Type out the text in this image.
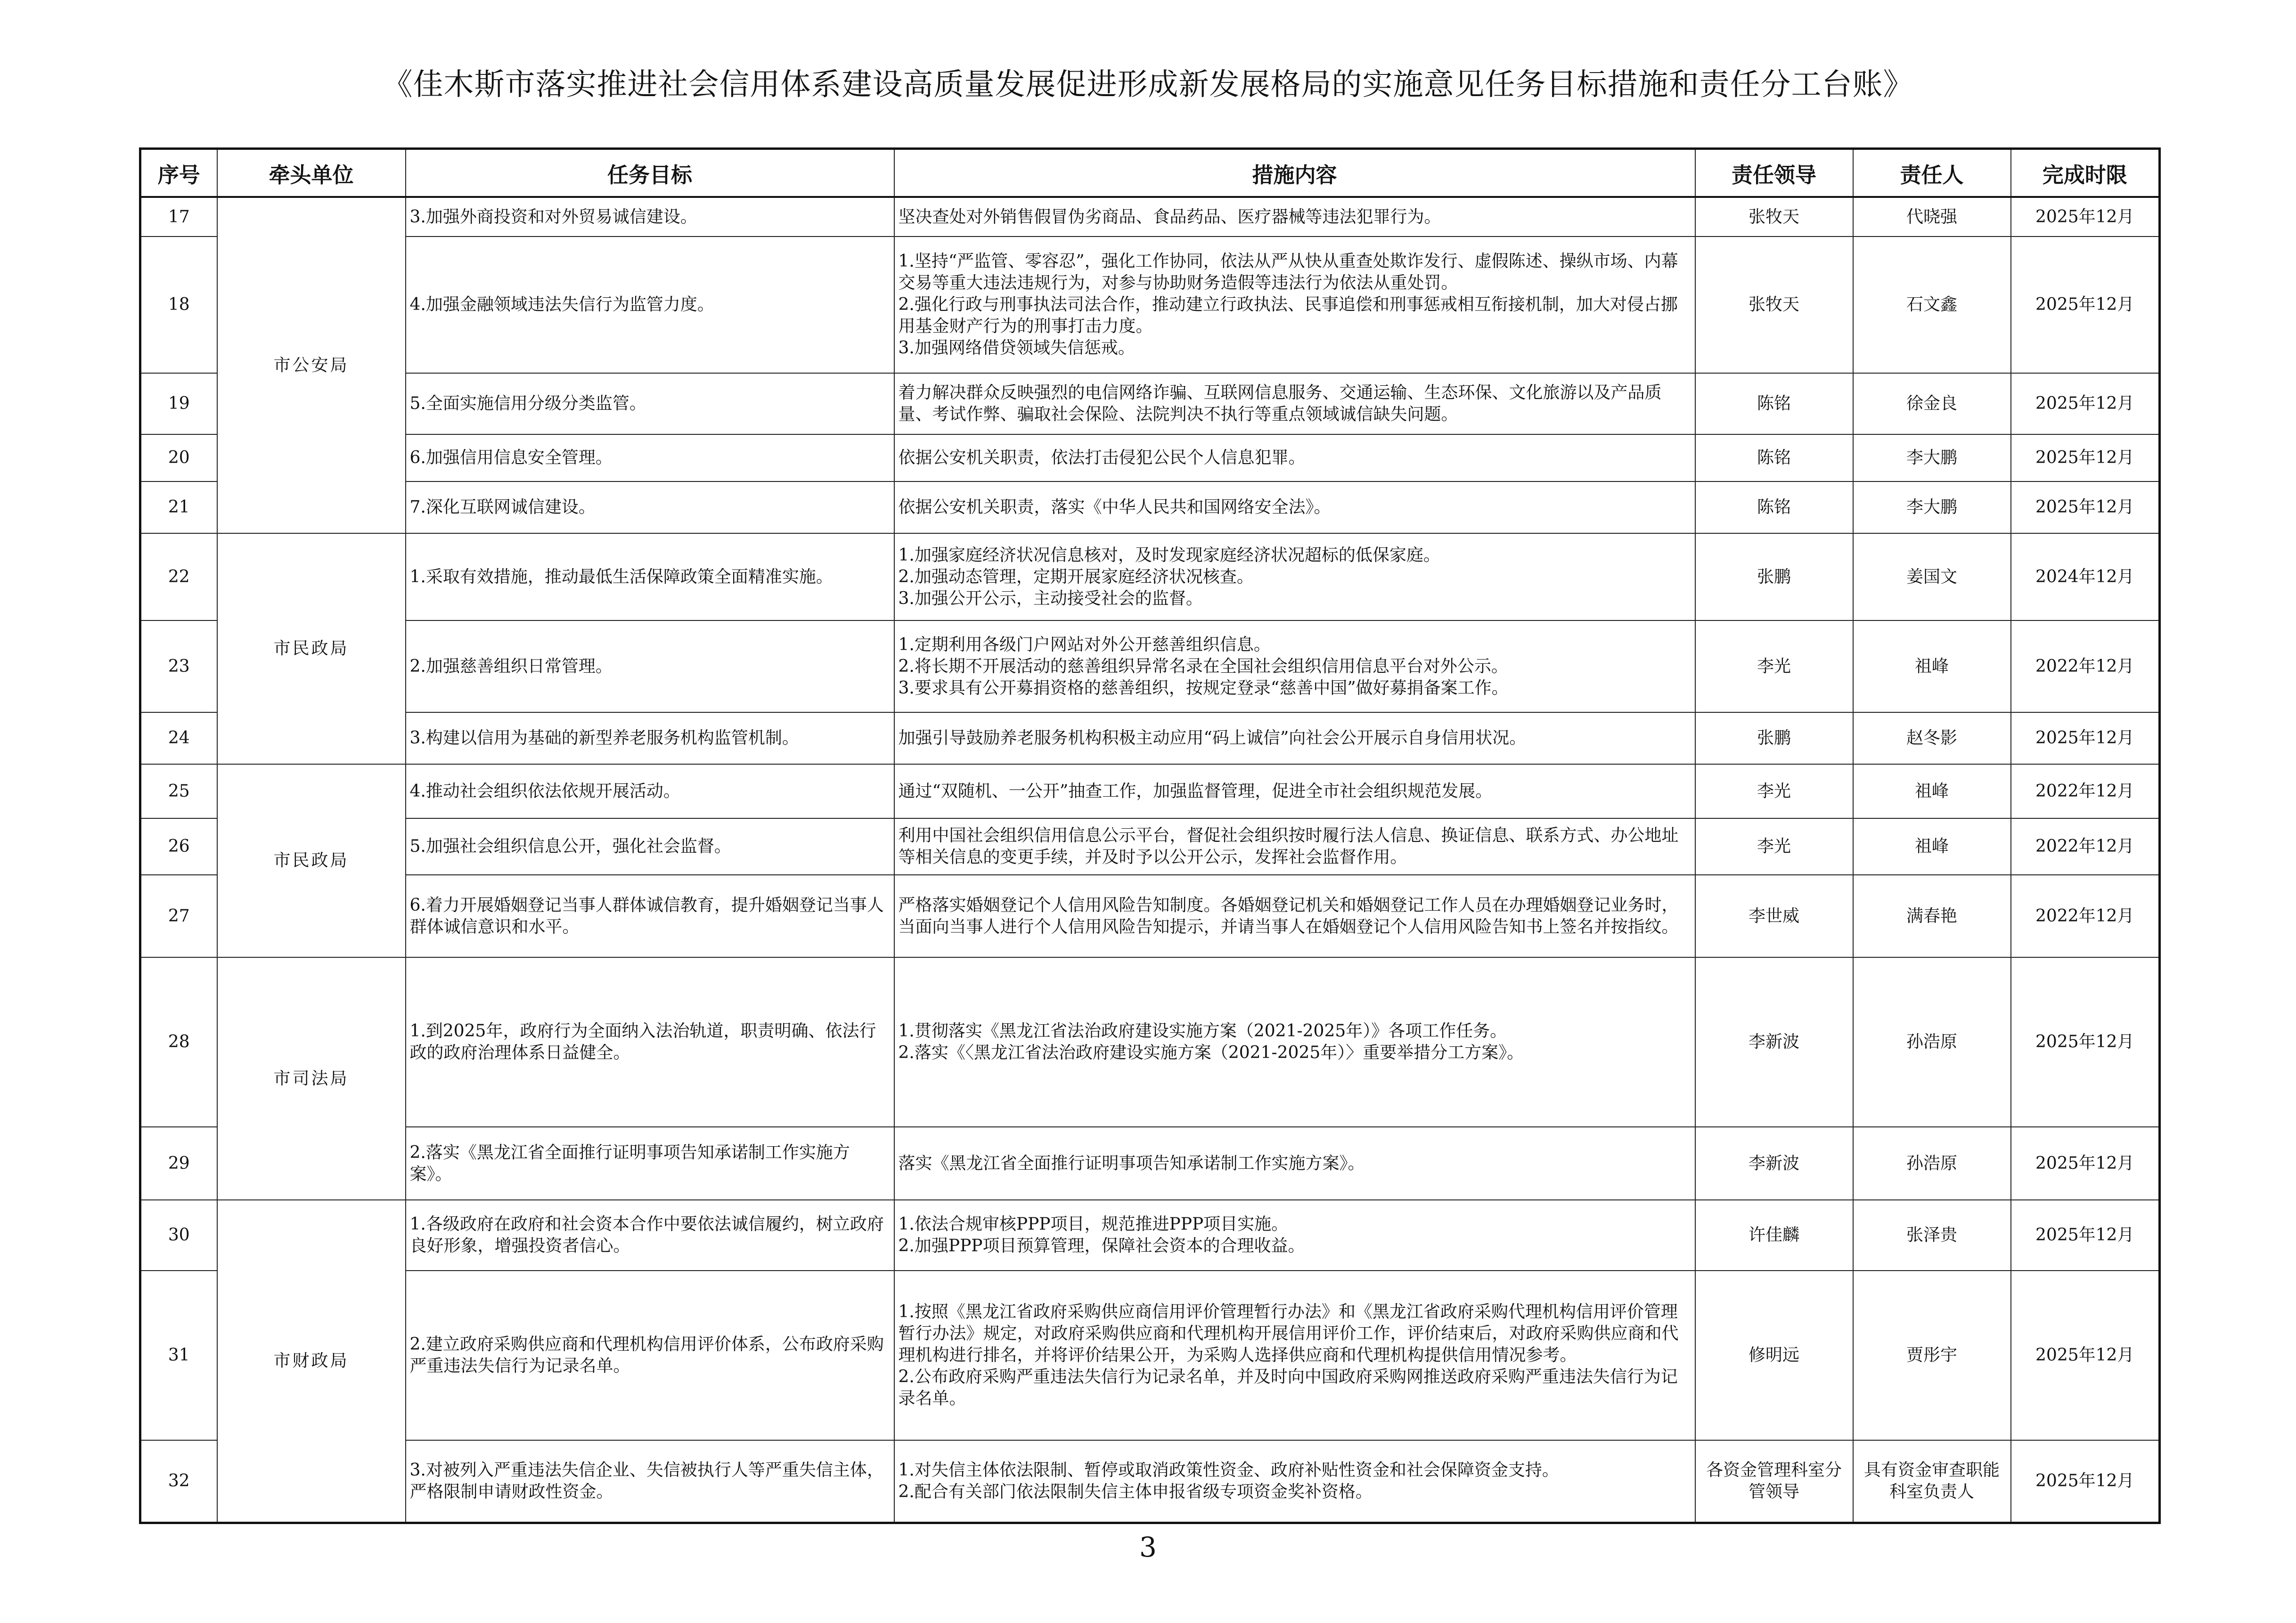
《佳木斯市落实推进社会信用体系建设高质量发展促进形成新发展格局的实施意见任务目标措施和责任分工台账》
序号	牵头单位	任务目标	措施内容	责任领导	责任人	完成时限
17	市公安局	3.加强外商投资和对外贸易诚信建设。	坚决查处对外销售假冒伪劣商品、食品药品、医疗器械等违法犯罪行为。	张牧天	代晓强	2025年12月
18		4.加强金融领域违法失信行为监管力度。	1.坚持“严监管、零容忍”，强化工作协同，依法从严从快从重查处欺诈发行、虚假陈述、操纵市场、内幕交易等重大违法违规行为，对参与协助财务造假等违法行为依法从重处罚。
2.强化行政与刑事执法司法合作，推动建立行政执法、民事追偿和刑事惩戒相互衔接机制，加大对侵占挪用基金财产行为的刑事打击力度。
3.加强网络借贷领域失信惩戒。	张牧天	石文鑫	2025年12月
19		5.全面实施信用分级分类监管。	着力解决群众反映强烈的电信网络诈骗、互联网信息服务、交通运输、生态环保、文化旅游以及产品质量、考试作弊、骗取社会保险、法院判决不执行等重点领域诚信缺失问题。	陈铭	徐金良	2025年12月
20		6.加强信用信息安全管理。	依据公安机关职责，依法打击侵犯公民个人信息犯罪。	陈铭	李大鹏	2025年12月
21		7.深化互联网诚信建设。	依据公安机关职责，落实《中华人民共和国网络安全法》。	陈铭	李大鹏	2025年12月
22	市民政局	1.采取有效措施，推动最低生活保障政策全面精准实施。	1.加强家庭经济状况信息核对，及时发现家庭经济状况超标的低保家庭。
2.加强动态管理，定期开展家庭经济状况核查。
3.加强公开公示，主动接受社会的监督。	张鹏	姜国文	2024年12月
23		2.加强慈善组织日常管理。	1.定期利用各级门户网站对外公开慈善组织信息。
2.将长期不开展活动的慈善组织异常名录在全国社会组织信用信息平台对外公示。
3.要求具有公开募捐资格的慈善组织，按规定登录“慈善中国”做好募捐备案工作。	李光	祖峰	2022年12月
24		3.构建以信用为基础的新型养老服务机构监管机制。	加强引导鼓励养老服务机构积极主动应用“码上诚信”向社会公开展示自身信用状况。	张鹏	赵冬影	2025年12月
25	市民政局	4.推动社会组织依法依规开展活动。	通过“双随机、一公开”抽查工作，加强监督管理，促进全市社会组织规范发展。	李光	祖峰	2022年12月
26		5.加强社会组织信息公开，强化社会监督。	利用中国社会组织信用信息公示平台，督促社会组织按时履行法人信息、换证信息、联系方式、办公地址等相关信息的变更手续，并及时予以公开公示，发挥社会监督作用。	李光	祖峰	2022年12月
27		6.着力开展婚姻登记当事人群体诚信教育，提升婚姻登记当事人群体诚信意识和水平。	严格落实婚姻登记个人信用风险告知制度。各婚姻登记机关和婚姻登记工作人员在办理婚姻登记业务时，当面向当事人进行个人信用风险告知提示，并请当事人在婚姻登记个人信用风险告知书上签名并按指纹。	李世威	满春艳	2022年12月
28	市司法局	1.到2025年，政府行为全面纳入法治轨道，职责明确、依法行政的政府治理体系日益健全。	1.贯彻落实《黑龙江省法治政府建设实施方案（2021-2025年）》各项工作任务。
2.落实《〈黑龙江省法治政府建设实施方案（2021-2025年）〉重要举措分工方案》。	李新波	孙浩原	2025年12月
29		2.落实《黑龙江省全面推行证明事项告知承诺制工作实施方案》。	落实《黑龙江省全面推行证明事项告知承诺制工作实施方案》。	李新波	孙浩原	2025年12月
30	市财政局	1.各级政府在政府和社会资本合作中要依法诚信履约，树立政府良好形象，增强投资者信心。	1.依法合规审核PPP项目，规范推进PPP项目实施。
2.加强PPP项目预算管理，保障社会资本的合理收益。	许佳麟	张泽贵	2025年12月
31		2.建立政府采购供应商和代理机构信用评价体系，公布政府采购严重违法失信行为记录名单。	1.按照《黑龙江省政府采购供应商信用评价管理暂行办法》和《黑龙江省政府采购代理机构信用评价管理暂行办法》规定，对政府采购供应商和代理机构开展信用评价工作，评价结束后，对政府采购供应商和代理机构进行排名，并将评价结果公开，为采购人选择供应商和代理机构提供信用情况参考。
2.公布政府采购严重违法失信行为记录名单，并及时向中国政府采购网推送政府采购严重违法失信行为记录名单。	修明远	贾彤宇	2025年12月
32		3.对被列入严重违法失信企业、失信被执行人等严重失信主体，严格限制申请财政性资金。	1.对失信主体依法限制、暂停或取消政策性资金、政府补贴性资金和社会保障资金支持。
2.配合有关部门依法限制失信主体申报省级专项资金奖补资格。	各资金管理科室分
管领导	具有资金审查职能
科室负责人	2025年12月
3
